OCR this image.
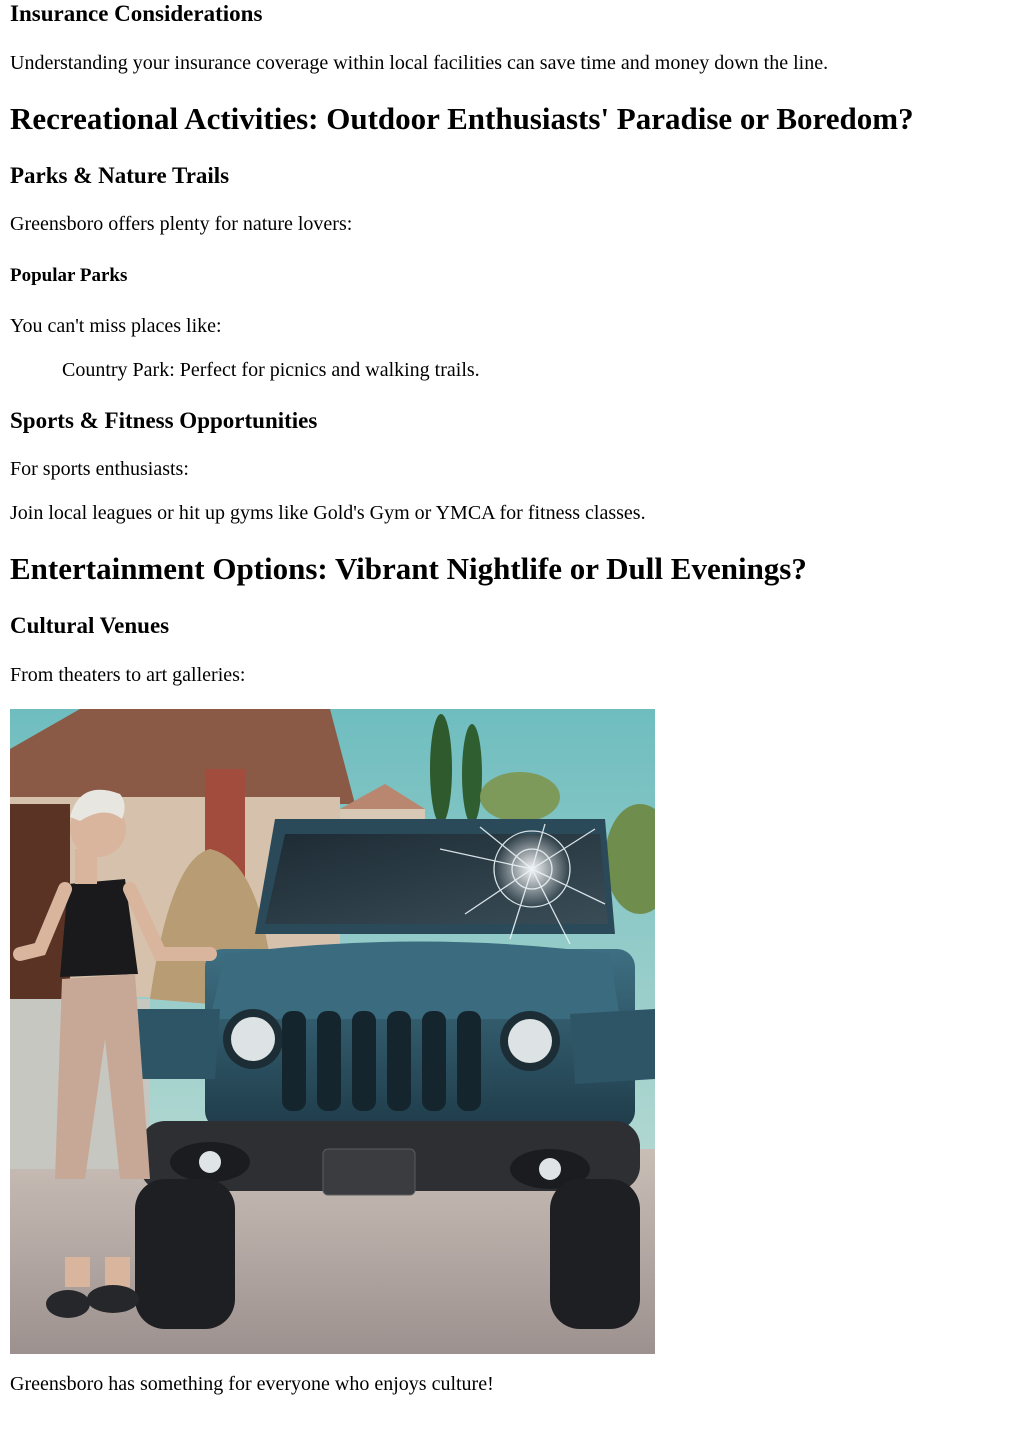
Insurance Considerations

Understanding your insurance coverage within local facilities can save time and money down the line.

Recreational Activities: Outdoor Enthusiasts' Paradise or Boredom?
Parks & Nature Trails

Greensboro offers plenty for nature lovers:

Popular Parks

You can't miss places like:

Country Park: Perfect for picnics and walking trails.

Sports & Fitness Opportunities

For sports enthusiasts:

Join local leagues or hit up gyms like Gold's Gym or YMCA for fitness classes.

Entertainment Options: Vibrant Nightlife or Dull Evenings?
Cultural Venues

From theaters to art galleries:

Greensboro has something for everyone who enjoys culture!
